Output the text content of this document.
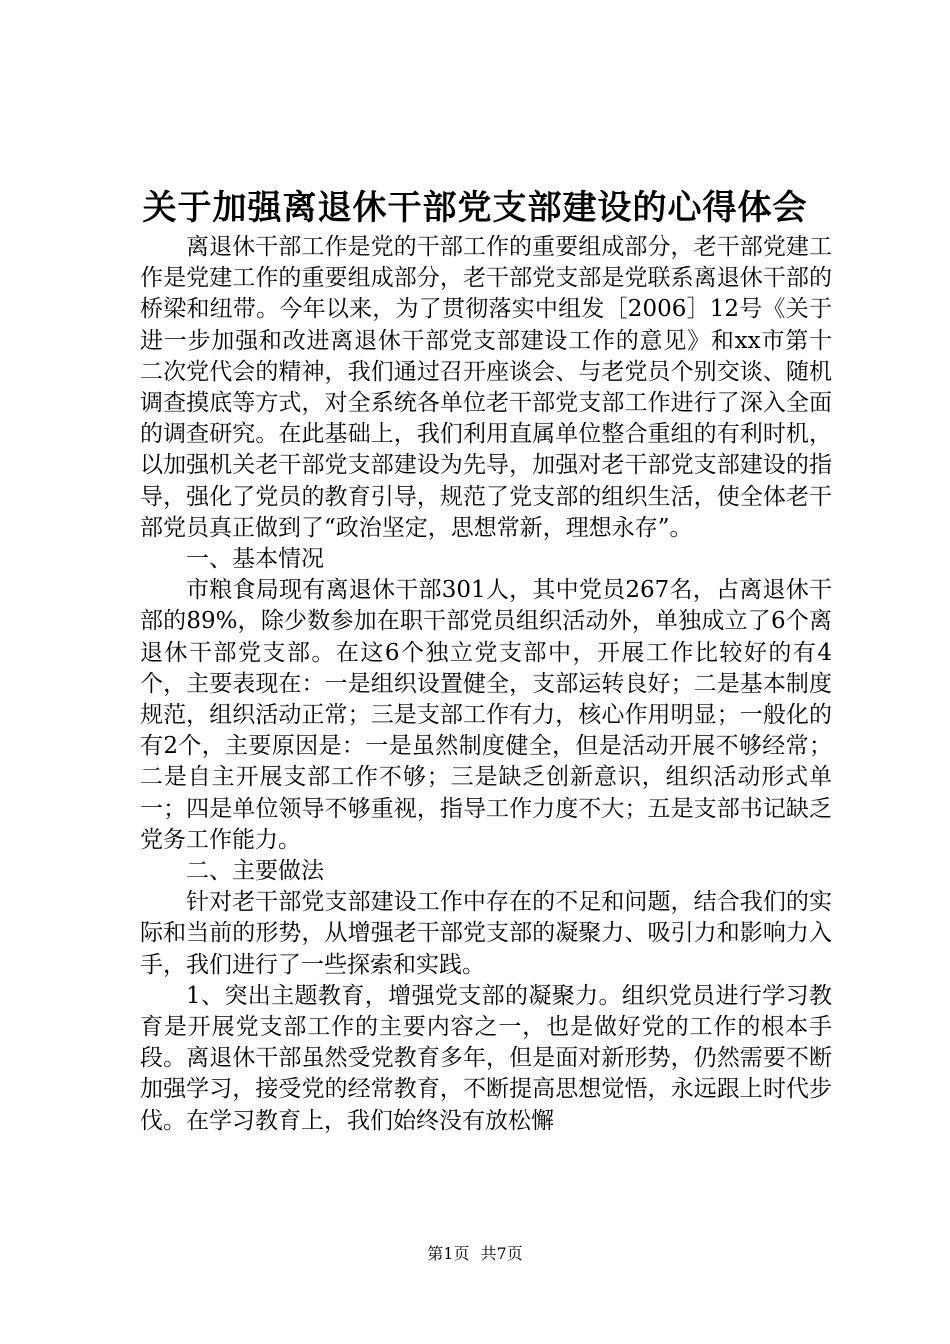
关于加强离退休干部党支部建设的心得体会

离退休干部工作是党的干部工作的重要组成部分，老干部党建工作是党建工作的重要组成部分，老干部党支部是党联系离退休干部的桥梁和纽带。今年以来，为了贯彻落实中组发［2006］12号《关于进一步加强和改进离退休干部党支部建设工作的意见》和xx市第十二次党代会的精神，我们通过召开座谈会、与老党员个别交谈、随机调查摸底等方式，对全系统各单位老干部党支部工作进行了深入全面的调查研究。在此基础上，我们利用直属单位整合重组的有利时机，以加强机关老干部党支部建设为先导，加强对老干部党支部建设的指导，强化了党员的教育引导，规范了党支部的组织生活，使全体老干部党员真正做到了“政治坚定，思想常新，理想永存”。

一、基本情况

市粮食局现有离退休干部301人，其中党员267名，占离退休干部的89%，除少数参加在职干部党员组织活动外，单独成立了6个离退休干部党支部。在这6个独立党支部中，开展工作比较好的有4个，主要表现在：一是组织设置健全，支部运转良好；二是基本制度规范，组织活动正常；三是支部工作有力，核心作用明显；一般化的有2个，主要原因是：一是虽然制度健全，但是活动开展不够经常；二是自主开展支部工作不够；三是缺乏创新意识，组织活动形式单一；四是单位领导不够重视，指导工作力度不大；五是支部书记缺乏党务工作能力。

二、主要做法

针对老干部党支部建设工作中存在的不足和问题，结合我们的实际和当前的形势，从增强老干部党支部的凝聚力、吸引力和影响力入手，我们进行了一些探索和实践。

1、突出主题教育，增强党支部的凝聚力。组织党员进行学习教育是开展党支部工作的主要内容之一，也是做好党的工作的根本手段。离退休干部虽然受党教育多年，但是面对新形势，仍然需要不断加强学习，接受党的经常教育，不断提高思想觉悟，永远跟上时代步伐。在学习教育上，我们始终没有放松懈

第1页 共7页
